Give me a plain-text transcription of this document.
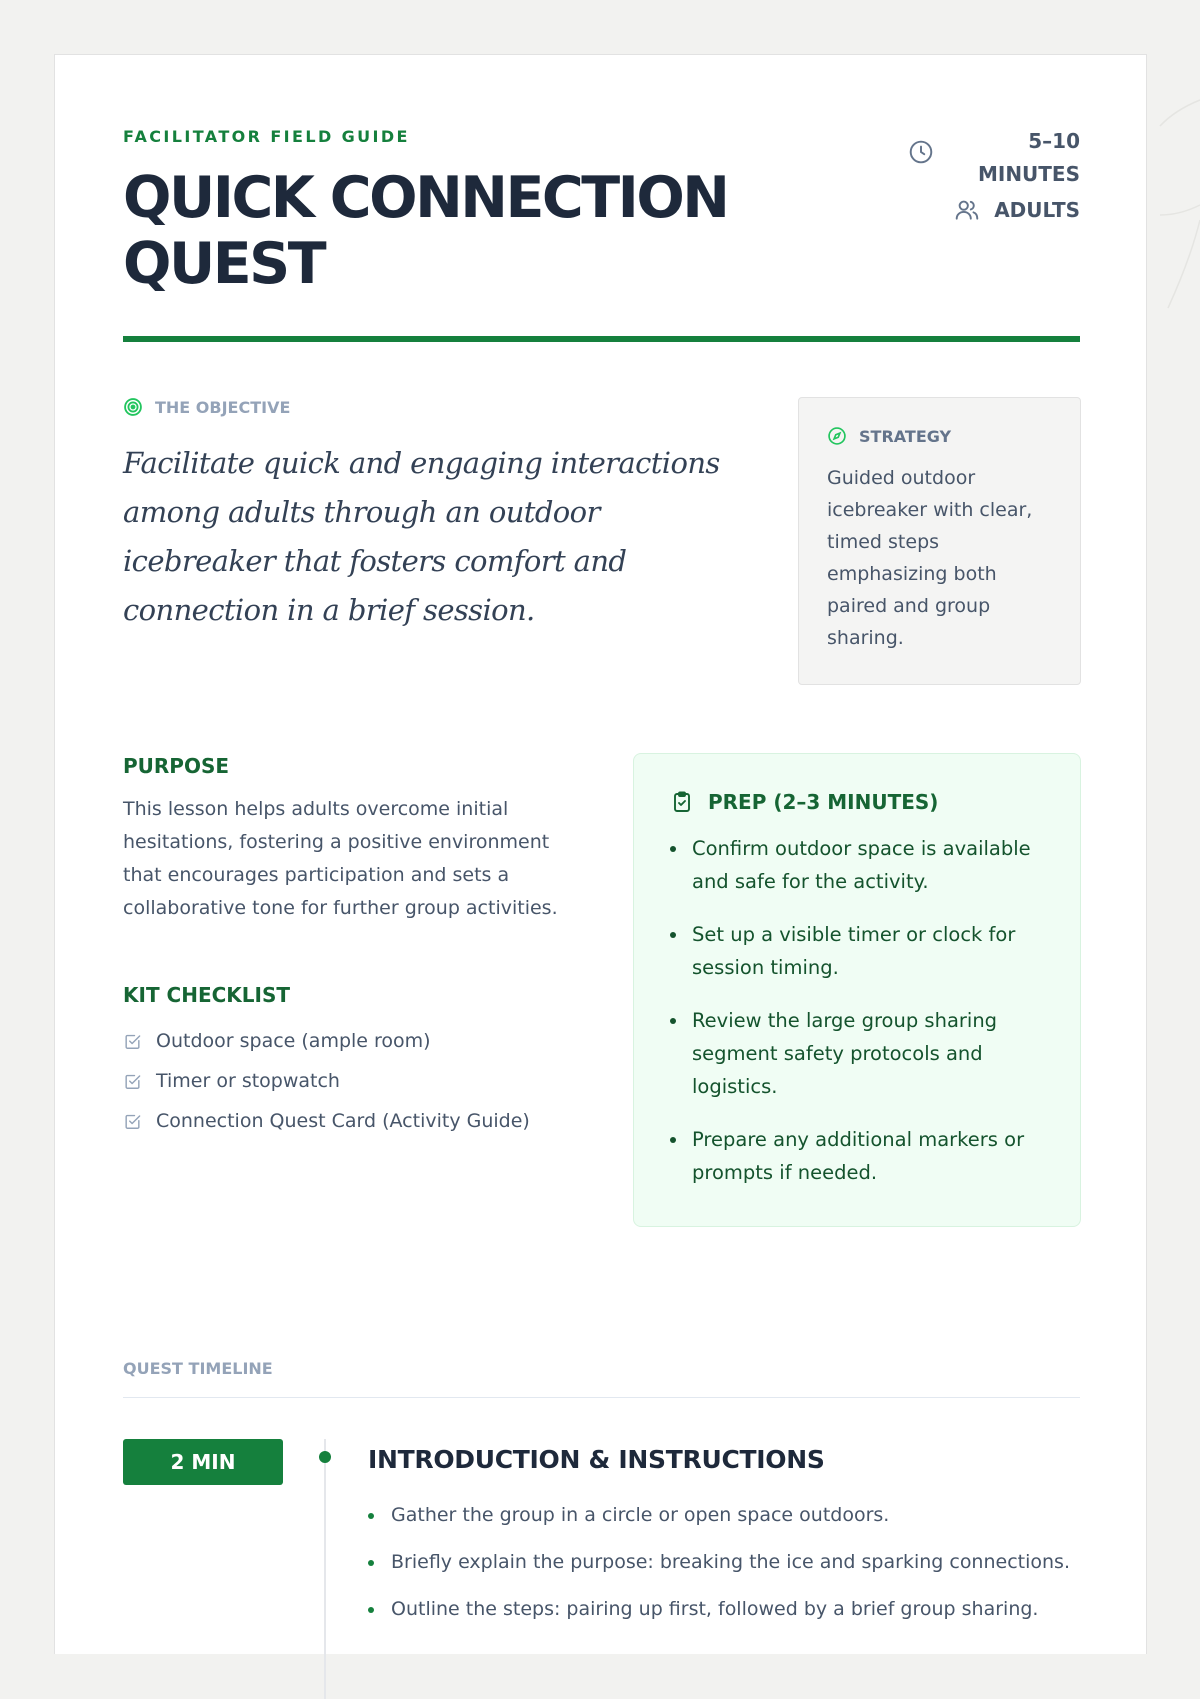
FACILITATOR FIELD GUIDE
QUICK CONNECTION QUEST
5–10 MINUTES
ADULTS
THE OBJECTIVE

Facilitate quick and engaging interactions among adults through an outdoor icebreaker that fosters comfort and connection in a brief session.

STRATEGY

Guided outdoor icebreaker with clear, timed steps emphasizing both paired and group sharing.

PURPOSE

This lesson helps adults overcome initial hesitations, fostering a positive environment that encourages participation and sets a collaborative tone for further group activities.

KIT CHECKLIST
Outdoor space (ample room)
Timer or stopwatch
Connection Quest Card (Activity Guide)
PREP (2–3 MINUTES)
Confirm outdoor space is available and safe for the activity.
Set up a visible timer or clock for session timing.
Review the large group sharing segment safety protocols and logistics.
Prepare any additional markers or prompts if needed.
QUEST TIMELINE
2 MIN	INTRODUCTION & INSTRUCTIONS
Gather the group in a circle or open space outdoors.
Briefly explain the purpose: breaking the ice and sparking connections.
Outline the steps: pairing up first, followed by a brief group sharing.
